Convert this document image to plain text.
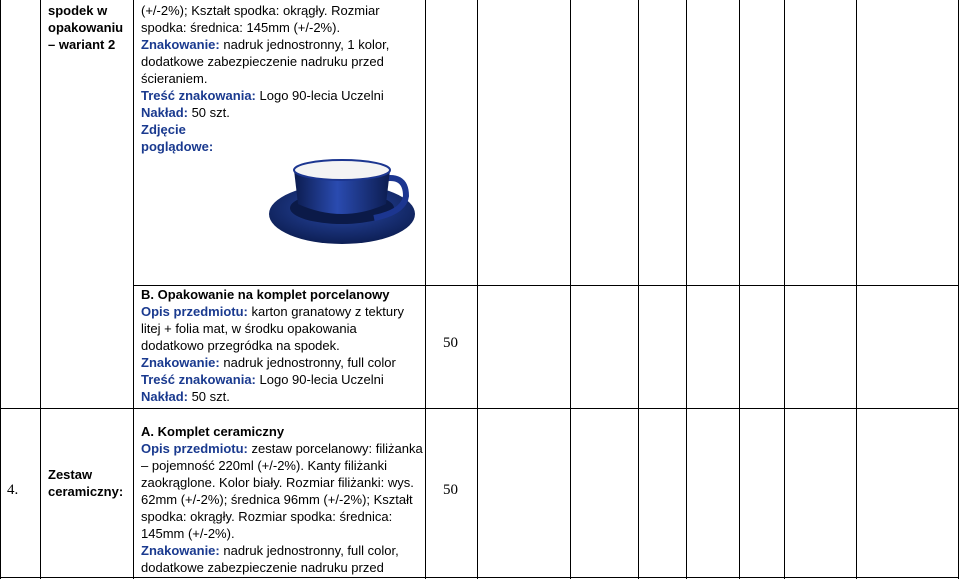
spodek w

opakowaniu

– wariant 2

(+/-2%); Kształt spodka: okrągły. Rozmiar

spodka: średnica: 145mm (+/-2%).

Znakowanie: nadruk jednostronny, 1 kolor,

dodatkowe zabezpieczenie nadruku przed

ścieraniem.

Treść znakowania: Logo 90-lecia Uczelni

Nakład: 50 szt.

Zdjęcie

poglądowe:

B. Opakowanie na komplet porcelanowy

Opis przedmiotu: karton granatowy z tektury

litej + folia mat, w środku opakowania

dodatkowo przegródka na spodek.

Znakowanie: nadruk jednostronny, full color

Treść znakowania: Logo 90-lecia Uczelni

Nakład: 50 szt.

50
4.

Zestaw

ceramiczny:

A. Komplet ceramiczny

Opis przedmiotu: zestaw porcelanowy: filiżanka

– pojemność 220ml (+/-2%). Kanty filiżanki

zaokrąglone. Kolor biały. Rozmiar filiżanki: wys.

62mm (+/-2%); średnica 96mm (+/-2%); Kształt

spodka: okrągły. Rozmiar spodka: średnica:

145mm (+/-2%).

Znakowanie: nadruk jednostronny, full color,

dodatkowe zabezpieczenie nadruku przed

50
